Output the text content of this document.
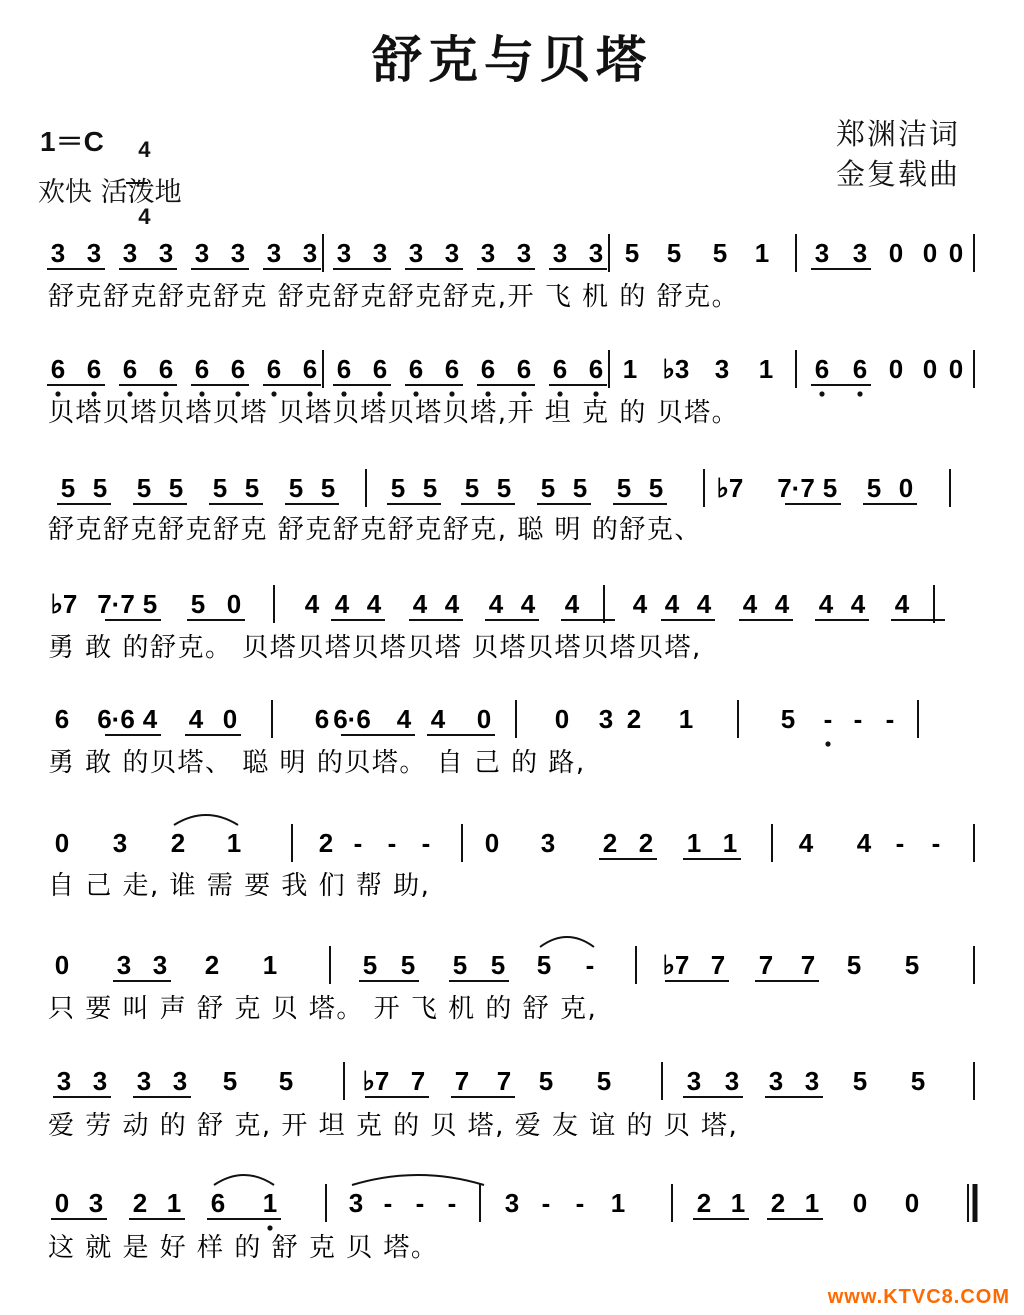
舒克与贝塔
1＝C	4

4

欢快 活泼地
郑渊洁词
金复载曲
3 3 3 3 3 3 3 3 3 3 3 3 3 3 3 3 5 5 5 1 3 3 0 0 0
舒克舒克舒克舒克 舒克舒克舒克舒克,开 飞 机 的 舒克。
6 6 6 6 6 6 6 6 6 6 6 6 6 6 6 6 1 ♭3 3 1 6 6 0 0 0
贝塔贝塔贝塔贝塔 贝塔贝塔贝塔贝塔,开 坦 克 的 贝塔。
5 5 5 5 5 5 5 5 5 5 5 5 5 5 5 5 ♭7 7·7 5 5 0
舒克舒克舒克舒克 舒克舒克舒克舒克, 聪 明 的舒克、
♭7 7·7 5 5 0 4 4 4 4 4 4 4 4 4 4 4 4 4 4 4 4
勇 敢 的舒克。 贝塔贝塔贝塔贝塔 贝塔贝塔贝塔贝塔,
6 6·6 4 4 0	6 6·6 4 4 0 0 3 2 1	5 - - -
勇 敢 的贝塔、 聪 明 的贝塔。 自 己 的 路,
0 3 2 1	2 - - - 0 3 2 2 1 1 4 4 - -
自 己 走, 谁 需 要 我 们 帮 助,
0 3 3 2 1	5 5 5 5 5 -	♭7 7 7 7 5 5
只 要 叫 声 舒 克 贝 塔。 开 飞 机 的 舒 克,
3 3 3 3 5 5	♭7 7 7 7 5 5	3 3 3 3 5 5
爱 劳 动 的 舒 克, 开 坦 克 的 贝 塔, 爱 友 谊 的 贝 塔,
0 3 2 1 6 1	3 - - - 3 - - 1	2 1 2 1 0 0
这 就 是 好 样 的 舒 克 贝 塔。
www.KTVC8.COM
